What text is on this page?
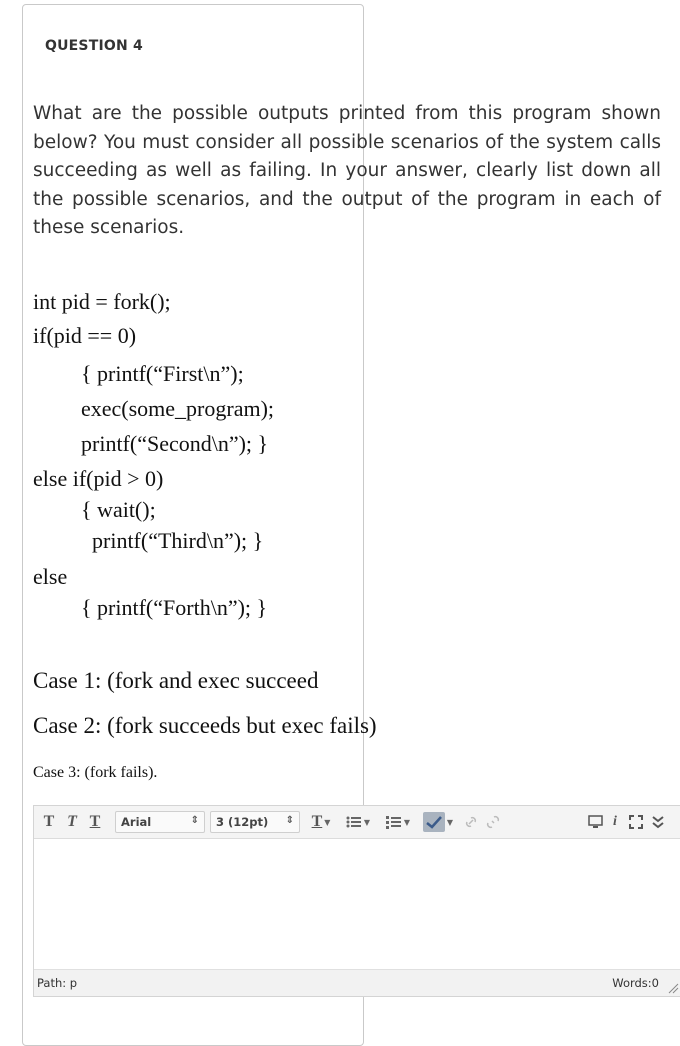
QUESTION 4
What are the possible outputs printed from this program shown below? You must consider all possible scenarios of the system calls succeeding as well as failing. In your answer, clearly list down all the possible scenarios, and the output of the program in each of these scenarios.
int pid = fork();
if(pid == 0)
{ printf(“First\n”);
exec(some_program);
printf(“Second\n”); }
else if(pid > 0)
{ wait();
printf(“Third\n”); }
else
{ printf(“Forth\n”); }
Case 1: (fork and exec succeed
Case 2: (fork succeeds but exec fails)
Case 3: (fork fails).
T T T Arial	⇕ 3 (12pt) ⇕ T ▼	▼	▼	▼	i
Path: p	Words:0
